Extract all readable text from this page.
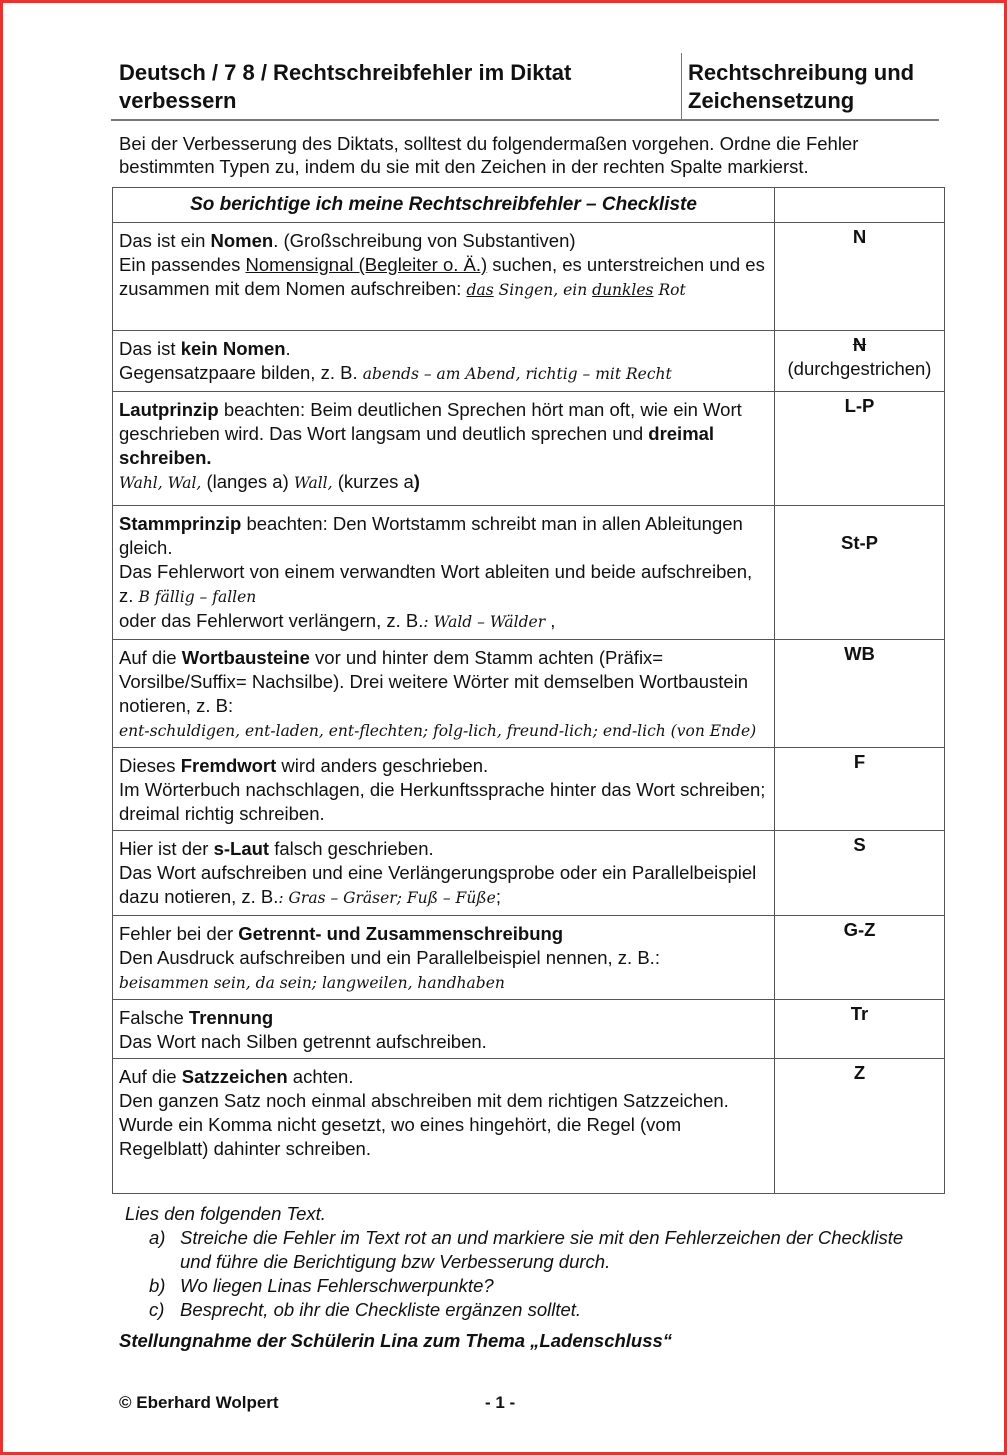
Deutsch / 7 8 / Rechtschreibfehler im Diktat verbessern
Rechtschreibung und Zeichensetzung
Bei der Verbesserung des Diktats, solltest du folgendermaßen vorgehen. Ordne die Fehler bestimmten Typen zu, indem du sie mit den Zeichen in der rechten Spalte markierst.
So berichtige ich meine Rechtschreibfehler – Checkliste	
Das ist ein Nomen. (Großschreibung von Substantiven)
Ein passendes Nomensignal (Begleiter o. Ä.) suchen, es unterstreichen und es zusammen mit dem Nomen aufschreiben: das Singen, ein dunkles Rot	N
Das ist kein Nomen.
Gegensatzpaare bilden, z. B. abends – am Abend, richtig – mit Recht	N
(durchgestrichen)
Lautprinzip beachten: Beim deutlichen Sprechen hört man oft, wie ein Wort geschrieben wird. Das Wort langsam und deutlich sprechen und dreimal schreiben.
Wahl, Wal, (langes a) Wall, (kurzes a)	L-P
Stammprinzip beachten: Den Wortstamm schreibt man in allen Ableitungen gleich.
Das Fehlerwort von einem verwandten Wort ableiten und beide aufschreiben, z. B fällig – fallen
oder das Fehlerwort verlängern, z. B.: Wald – Wälder ,	St-P
Auf die Wortbausteine vor und hinter dem Stamm achten (Präfix= Vorsilbe/Suffix= Nachsilbe). Drei weitere Wörter mit demselben Wortbaustein notieren, z. B:
ent-schuldigen, ent-laden, ent-flechten; folg-lich, freund-lich; end-lich (von Ende)	WB
Dieses Fremdwort wird anders geschrieben.
Im Wörterbuch nachschlagen, die Herkunftssprache hinter das Wort schreiben; dreimal richtig schreiben.	F
Hier ist der s-Laut falsch geschrieben.
Das Wort aufschreiben und eine Verlängerungsprobe oder ein Parallelbeispiel dazu notieren, z. B.: Gras – Gräser; Fuß – Füße;	S
Fehler bei der Getrennt- und Zusammenschreibung
Den Ausdruck aufschreiben und ein Parallelbeispiel nennen, z. B.:
beisammen sein, da sein; langweilen, handhaben	G-Z
Falsche Trennung
Das Wort nach Silben getrennt aufschreiben.	Tr
Auf die Satzzeichen achten.
Den ganzen Satz noch einmal abschreiben mit dem richtigen Satzzeichen. Wurde ein Komma nicht gesetzt, wo eines hingehört, die Regel (vom Regelblatt) dahinter schreiben.	Z
Lies den folgenden Text.
a) Streiche die Fehler im Text rot an und markiere sie mit den Fehlerzeichen der Checkliste und führe die Berichtigung bzw Verbesserung durch.
b) Wo liegen Linas Fehlerschwerpunkte?
c) Besprecht, ob ihr die Checkliste ergänzen solltet.
Stellungnahme der Schülerin Lina zum Thema „Ladenschluss“
© Eberhard Wolpert	- 1 -
